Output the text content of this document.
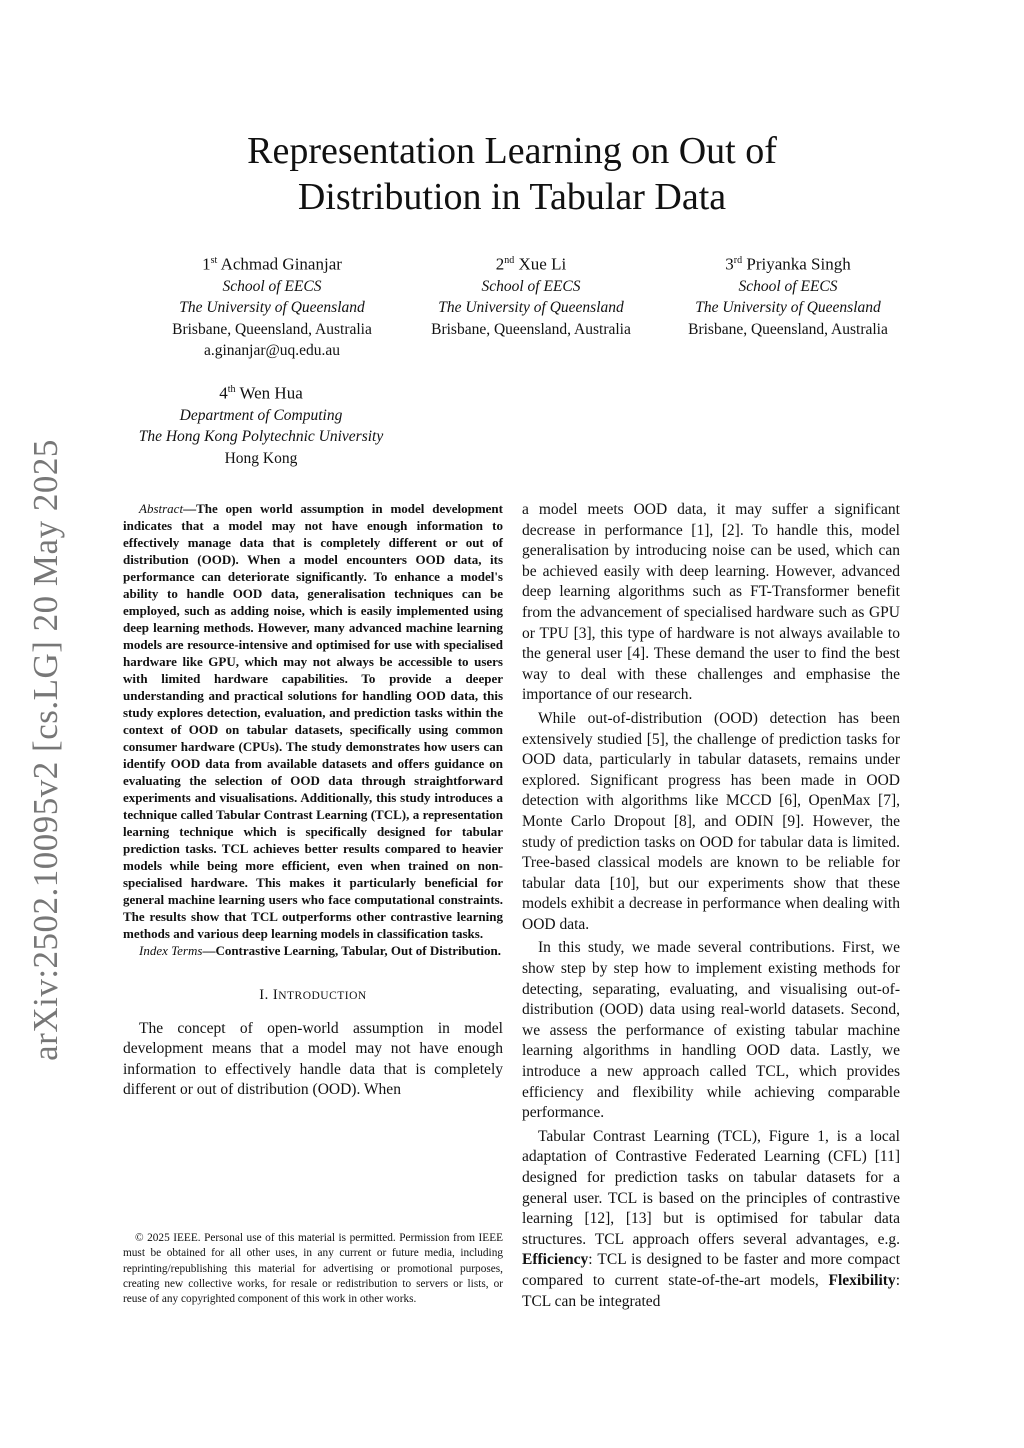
arXiv:2502.10095v2 [cs.LG] 20 May 2025
Representation Learning on Out of
Distribution in Tabular Data
1st Achmad Ginanjar
School of EECS
The University of Queensland
Brisbane, Queensland, Australia
a.ginanjar@uq.edu.au
2nd Xue Li
School of EECS
The University of Queensland
Brisbane, Queensland, Australia
3rd Priyanka Singh
School of EECS
The University of Queensland
Brisbane, Queensland, Australia
4th Wen Hua
Department of Computing
The Hong Kong Polytechnic University
Hong Kong

Abstract—The open world assumption in model development indicates that a model may not have enough information to effectively manage data that is completely different or out of distribution (OOD). When a model encounters OOD data, its performance can deteriorate significantly. To enhance a model's ability to handle OOD data, generalisation techniques can be employed, such as adding noise, which is easily implemented using deep learning methods. However, many advanced machine learning models are resource-intensive and optimised for use with specialised hardware like GPU, which may not always be accessible to users with limited hardware capabilities. To provide a deeper understanding and practical solutions for handling OOD data, this study explores detection, evaluation, and prediction tasks within the context of OOD on tabular datasets, specifically using common consumer hardware (CPUs). The study demonstrates how users can identify OOD data from available datasets and offers guidance on evaluating the selection of OOD data through straightforward experiments and visualisations. Additionally, this study introduces a technique called Tabular Contrast Learning (TCL), a representation learning technique which is specifically designed for tabular prediction tasks. TCL achieves better results compared to heavier models while being more efficient, even when trained on non-specialised hardware. This makes it particularly beneficial for general machine learning users who face computational constraints. The results show that TCL outperforms other contrastive learning methods and various deep learning models in classification tasks.

Index Terms—Contrastive Learning, Tabular, Out of Distribution.

I. INTRODUCTION

The concept of open-world assumption in model development means that a model may not have enough information to effectively handle data that is completely different or out of distribution (OOD). When

© 2025 IEEE. Personal use of this material is permitted. Permission from IEEE must be obtained for all other uses, in any current or future media, including reprinting/republishing this material for advertising or promotional purposes, creating new collective works, for resale or redistribution to servers or lists, or reuse of any copyrighted component of this work in other works.

a model meets OOD data, it may suffer a significant decrease in performance [1], [2]. To handle this, model generalisation by introducing noise can be used, which can be achieved easily with deep learning. However, advanced deep learning algorithms such as FT-Transformer benefit from the advancement of specialised hardware such as GPU or TPU [3], this type of hardware is not always available to the general user [4]. These demand the user to find the best way to deal with these challenges and emphasise the importance of our research.

While out-of-distribution (OOD) detection has been extensively studied [5], the challenge of prediction tasks for OOD data, particularly in tabular datasets, remains under explored. Significant progress has been made in OOD detection with algorithms like MCCD [6], OpenMax [7], Monte Carlo Dropout [8], and ODIN [9]. However, the study of prediction tasks on OOD for tabular data is limited. Tree-based classical models are known to be reliable for tabular data [10], but our experiments show that these models exhibit a decrease in performance when dealing with OOD data.

In this study, we made several contributions. First, we show step by step how to implement existing methods for detecting, separating, evaluating, and visualising out-of-distribution (OOD) data using real-world datasets. Second, we assess the performance of existing tabular machine learning algorithms in handling OOD data. Lastly, we introduce a new approach called TCL, which provides efficiency and flexibility while achieving comparable performance.

Tabular Contrast Learning (TCL), Figure 1, is a local adaptation of Contrastive Federated Learning (CFL) [11] designed for prediction tasks on tabular datasets for a general user. TCL is based on the principles of contrastive learning [12], [13] but is optimised for tabular data structures. TCL approach offers several advantages, e.g. Efficiency: TCL is designed to be faster and more compact compared to current state-of-the-art models, Flexibility: TCL can be integrated
